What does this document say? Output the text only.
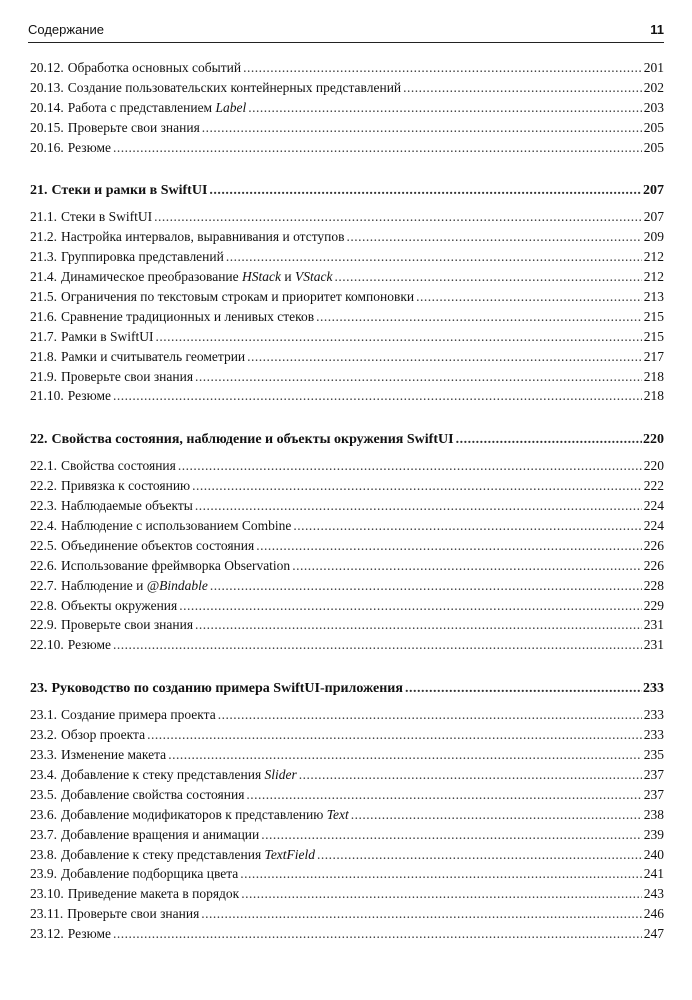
Содержание	11
20.12. Обработка основных событий .....	201
20.13. Создание пользовательских контейнерных представлений .....	202
20.14. Работа с представлением Label .....	203
20.15. Проверьте свои знания .....	205
20.16. Резюме .....	205
21. Стеки и рамки в SwiftUI .....	207
21.1. Стеки в SwiftUI .....	207
21.2. Настройка интервалов, выравнивания и отступов .....	209
21.3. Группировка представлений .....	212
21.4. Динамическое преобразование HStack и VStack .....	212
21.5. Ограничения по текстовым строкам и приоритет компоновки .....	213
21.6. Сравнение традиционных и ленивых стеков .....	215
21.7. Рамки в SwiftUI .....	215
21.8. Рамки и считыватель геометрии .....	217
21.9. Проверьте свои знания .....	218
21.10. Резюме .....	218
22. Свойства состояния, наблюдение и объекты окружения SwiftUI .....	220
22.1. Свойства состояния .....	220
22.2. Привязка к состоянию .....	222
22.3. Наблюдаемые объекты .....	224
22.4. Наблюдение с использованием Combine .....	224
22.5. Объединение объектов состояния .....	226
22.6. Использование фреймворка Observation .....	226
22.7. Наблюдение и @Bindable .....	228
22.8. Объекты окружения .....	229
22.9. Проверьте свои знания .....	231
22.10. Резюме .....	231
23. Руководство по созданию примера SwiftUI-приложения .....	233
23.1. Создание примера проекта .....	233
23.2. Обзор проекта .....	233
23.3. Изменение макета .....	235
23.4. Добавление к стеку представления Slider .....	237
23.5. Добавление свойства состояния .....	237
23.6. Добавление модификаторов к представлению Text .....	238
23.7. Добавление вращения и анимации .....	239
23.8. Добавление к стеку представления TextField .....	240
23.9. Добавление подборщика цвета .....	241
23.10. Приведение макета в порядок .....	243
23.11. Проверьте свои знания .....	246
23.12. Резюме .....	247
